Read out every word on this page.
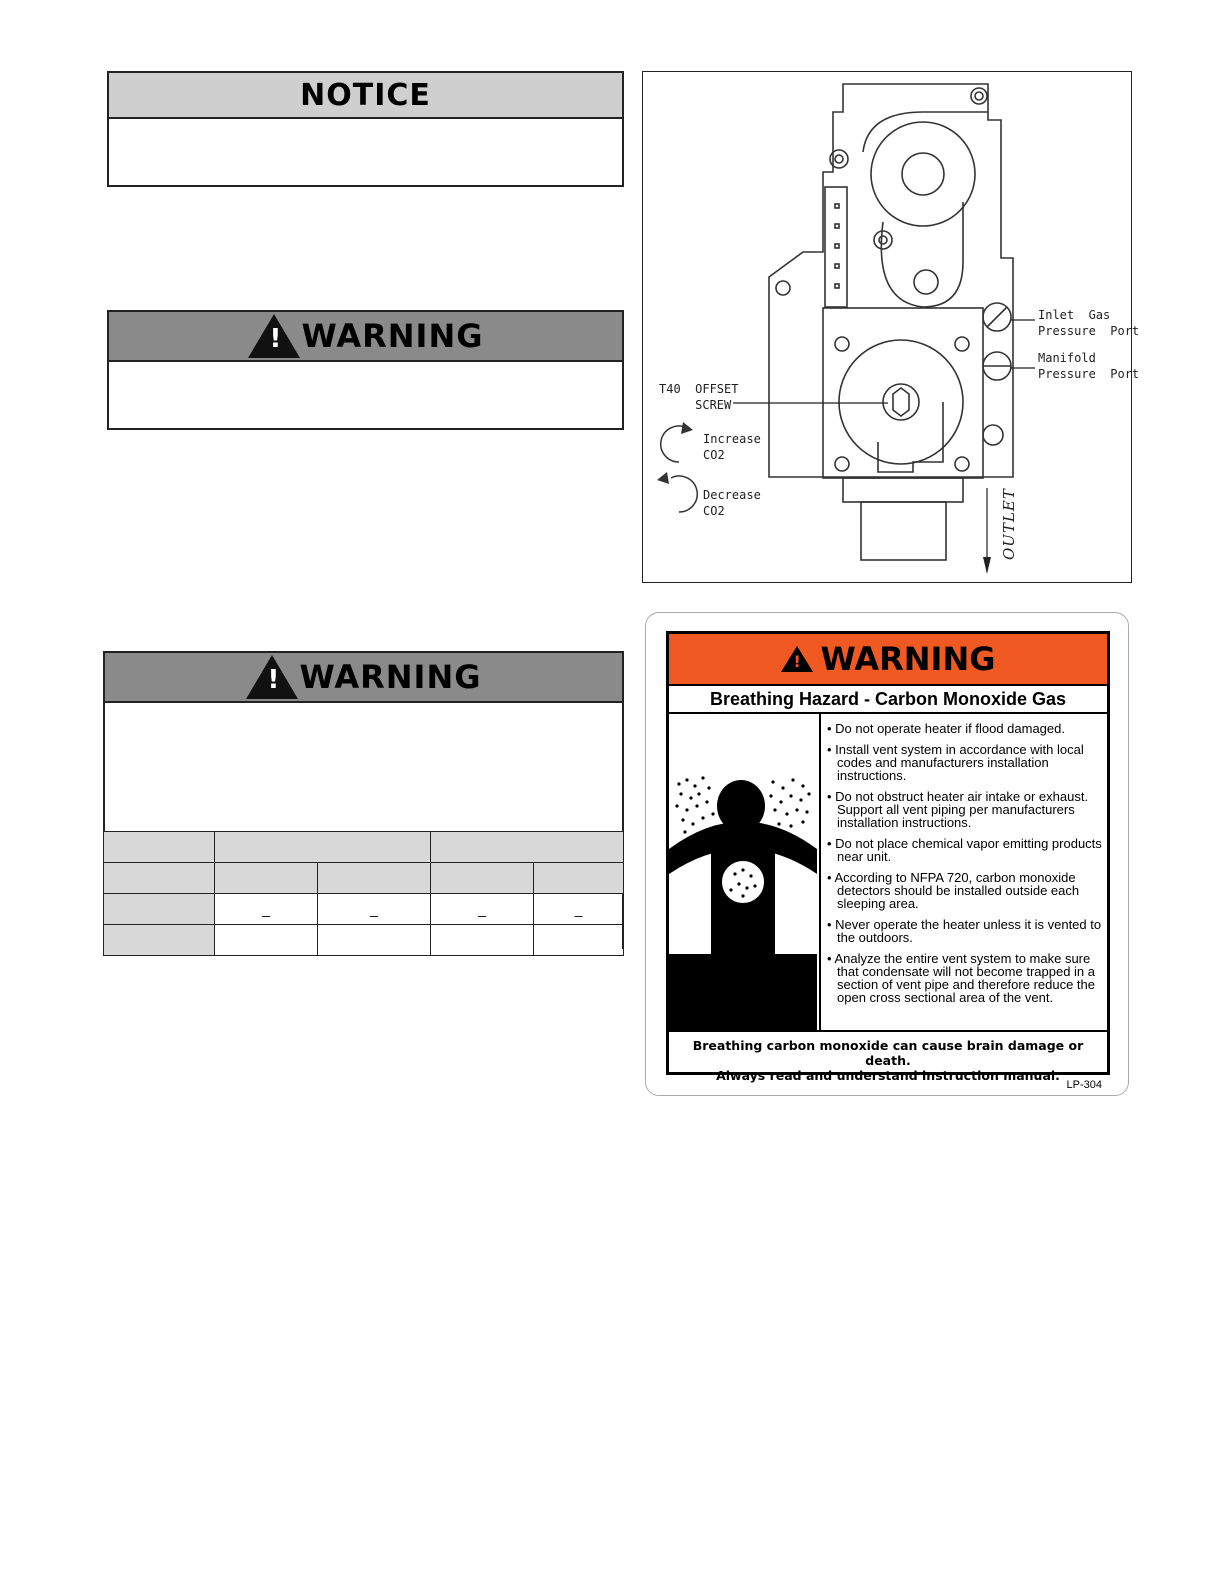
NOTICE
!
WARNING
!
WARNING

	_	_	_	_

Inlet  Gas
Pressure  Port
Manifold
Pressure  Port
T40  OFFSET
SCREW
Increase
CO2
Decrease
CO2	OUTLET
!
WARNING
Breathing Hazard - Carbon Monoxide Gas
• Do not operate heater if flood damaged.
• Install vent system in accordance with local codes and manufacturers installation instructions.
• Do not obstruct heater air intake or exhaust. Support all vent piping per manufacturers installation instructions.
• Do not place chemical vapor emitting products near unit.
• According to NFPA 720, carbon monoxide detectors should be installed outside each sleeping area.
• Never operate the heater unless it is vented to the outdoors.
• Analyze the entire vent system to make sure that condensate will not become trapped in a section of vent pipe and therefore reduce the open cross sectional area of the vent.
Breathing carbon monoxide can cause brain damage or death.
Always read and understand instruction manual.
LP-304
